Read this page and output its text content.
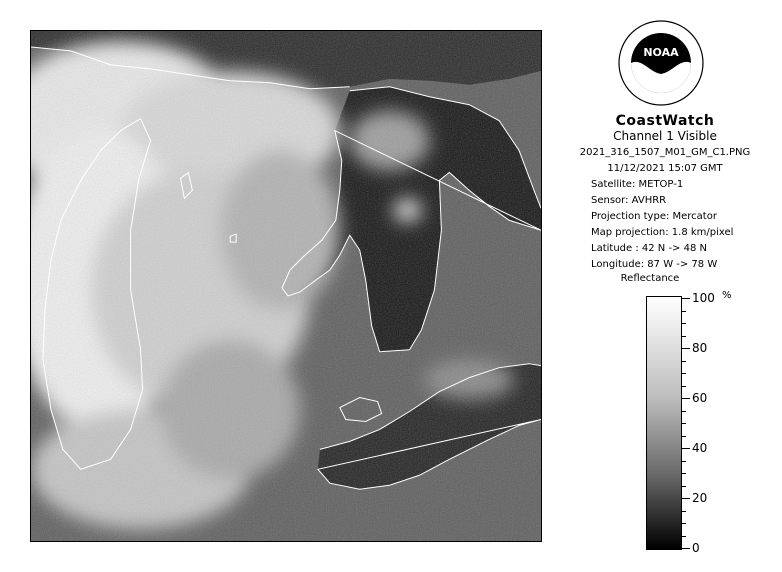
NOAA
CoastWatch
Channel 1 Visible
2021_316_1507_M01_GM_C1.PNG
11/12/2021 15:07 GMT
Satellite: METOP-1
Sensor: AVHRR
Projection type: Mercator
Map projection: 1.8 km/pixel
Latitude : 42 N -> 48 N
Longitude: 87 W -> 78 W
Reflectance
%
100
80
60
40
20
0
